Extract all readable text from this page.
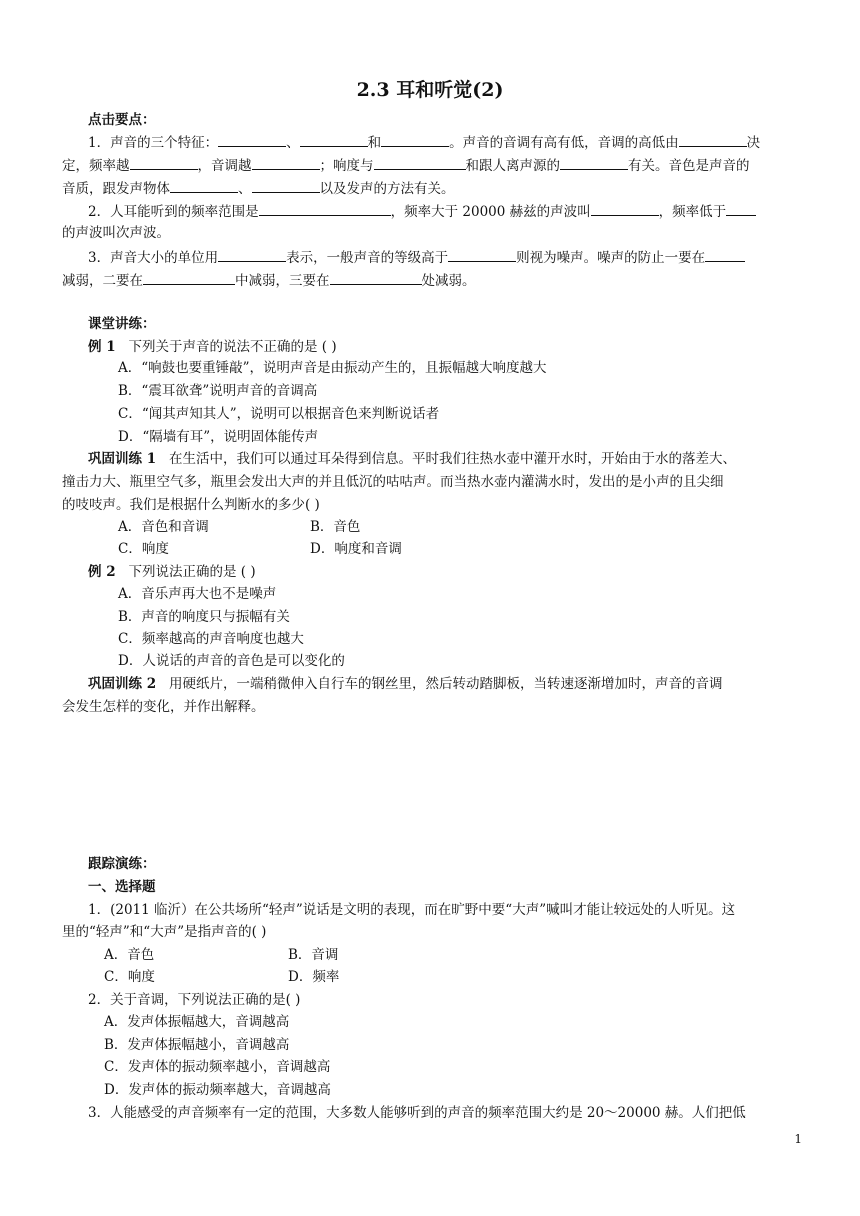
2.3 耳和听觉(2)
点击要点：
1．声音的三个特征：	、	和	。声音的音调有高有低，音调的高低由	决
定，频率越	，音调越	；响度与	和跟人离声源的	有关。音色是声音的
音质，跟发声物体	、	以及发声的方法有关。
2．人耳能听到的频率范围是	，频率大于 20000 赫兹的声波叫	，频率低于
的声波叫次声波。
3．声音大小的单位用	表示，一般声音的等级高于	则视为噪声。噪声的防止一要在
减弱，二要在	中减弱，三要在	处减弱。
课堂讲练：
例 1 下列关于声音的说法不正确的是 ( )
A．“响鼓也要重锤敲”，说明声音是由振动产生的，且振幅越大响度越大
B．“震耳欲聋”说明声音的音调高
C．“闻其声知其人”，说明可以根据音色来判断说话者
D．“隔墙有耳”，说明固体能传声
巩固训练 1 在生活中，我们可以通过耳朵得到信息。平时我们往热水壶中灌开水时，开始由于水的落差大、
撞击力大、瓶里空气多，瓶里会发出大声的并且低沉的咕咕声。而当热水壶内灌满水时，发出的是小声的且尖细
的吱吱声。我们是根据什么判断水的多少( )
A．音色和音调	B．音色
C．响度	D．响度和音调
例 2 下列说法正确的是 ( )
A．音乐声再大也不是噪声
B．声音的响度只与振幅有关
C．频率越高的声音响度也越大
D．人说话的声音的音色是可以变化的
巩固训练 2 用硬纸片，一端稍微伸入自行车的钢丝里，然后转动踏脚板，当转速逐渐增加时，声音的音调
会发生怎样的变化，并作出解释。
跟踪演练：
一、选择题
1．(2011 临沂）在公共场所“轻声”说话是文明的表现，而在旷野中要“大声”喊叫才能让较远处的人听见。这
里的“轻声”和“大声”是指声音的( )
A．音色	B．音调
C．响度	D．频率
2．关于音调，下列说法正确的是( )
A．发声体振幅越大，音调越高
B．发声体振幅越小，音调越高
C．发声体的振动频率越小，音调越高
D．发声体的振动频率越大，音调越高
3．人能感受的声音频率有一定的范围，大多数人能够听到的声音的频率范围大约是 20～20000 赫。人们把低
1
